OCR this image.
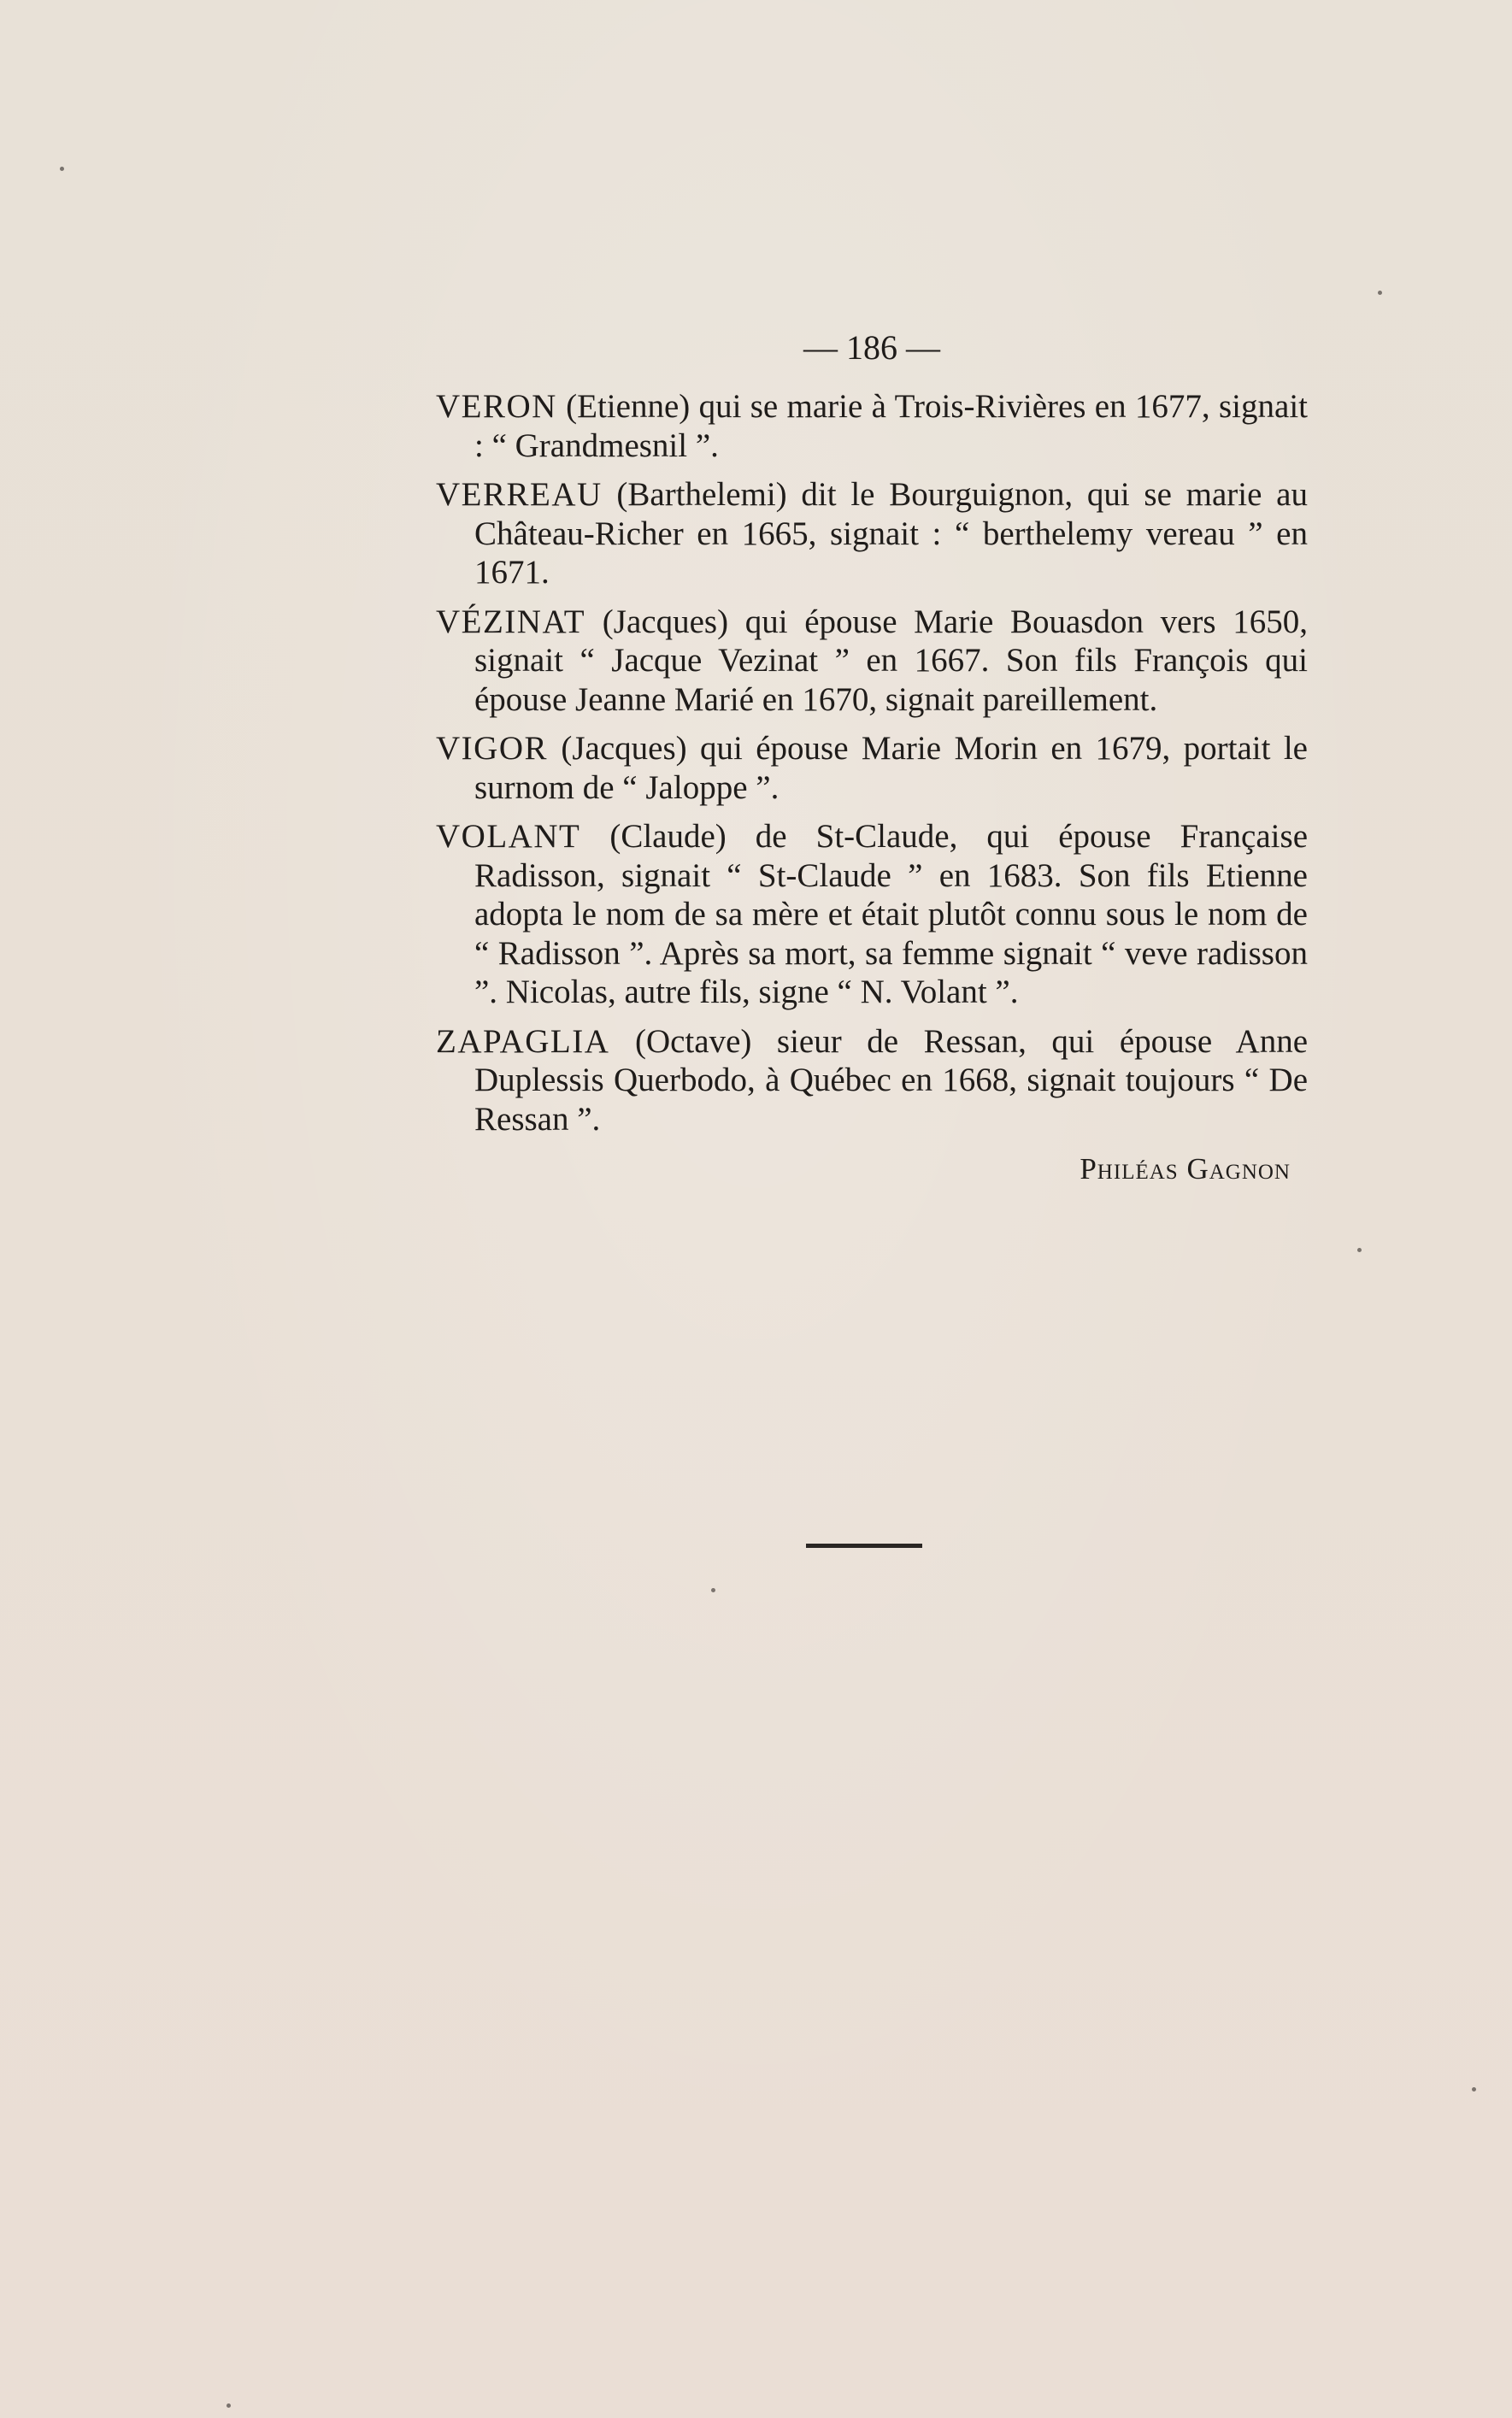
— 186 —

VERON (Etienne) qui se marie à Trois-Rivières en 1677, signait : “ Grandmesnil ”.

VERREAU (Barthelemi) dit le Bourguignon, qui se marie au Château-Richer en 1665, signait : “ berthelemy vereau ” en 1671.

VÉZINAT (Jacques) qui épouse Marie Bouasdon vers 1650, signait “ Jacque Vezinat ” en 1667. Son fils François qui épouse Jeanne Marié en 1670, signait pareillement.

VIGOR (Jacques) qui épouse Marie Morin en 1679, portait le surnom de “ Jaloppe ”.

VOLANT (Claude) de St-Claude, qui épouse Française Radisson, signait “ St-Claude ” en 1683. Son fils Etienne adopta le nom de sa mère et était plutôt connu sous le nom de “ Radisson ”. Après sa mort, sa femme signait “ veve radisson ”. Nicolas, autre fils, signe “ N. Volant ”.

ZAPAGLIA (Octave) sieur de Ressan, qui épouse Anne Duplessis Querbodo, à Québec en 1668, signait toujours “ De Ressan ”.

Philéas Gagnon
